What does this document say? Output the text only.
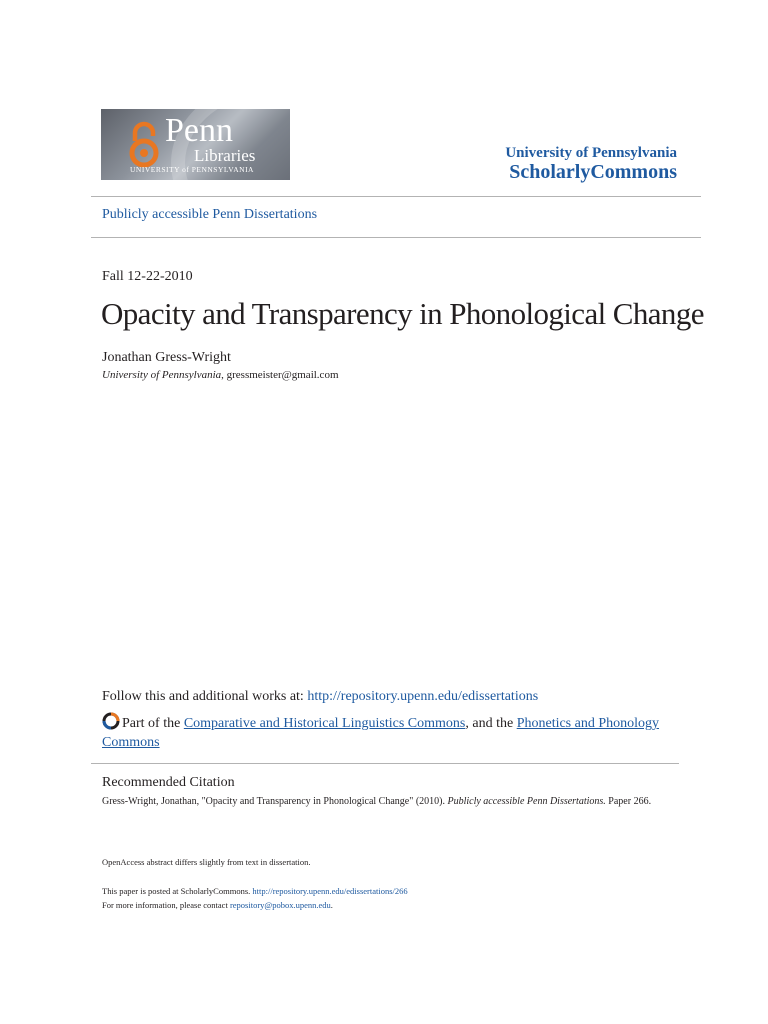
Penn
Libraries
UNIVERSITY of PENNSYLVANIA
University of Pennsylvania
ScholarlyCommons
Publicly accessible Penn Dissertations
Fall 12-22-2010
Opacity and Transparency in Phonological Change
Jonathan Gress-Wright
University of Pennsylvania, gressmeister@gmail.com
Follow this and additional works at: http://repository.upenn.edu/edissertations
Part of the Comparative and Historical Linguistics Commons, and the Phonetics and Phonology Commons
Recommended Citation
Gress-Wright, Jonathan, "Opacity and Transparency in Phonological Change" (2010). Publicly accessible Penn Dissertations. Paper 266.
OpenAccess abstract differs slightly from text in dissertation.
This paper is posted at ScholarlyCommons. http://repository.upenn.edu/edissertations/266
For more information, please contact repository@pobox.upenn.edu.
